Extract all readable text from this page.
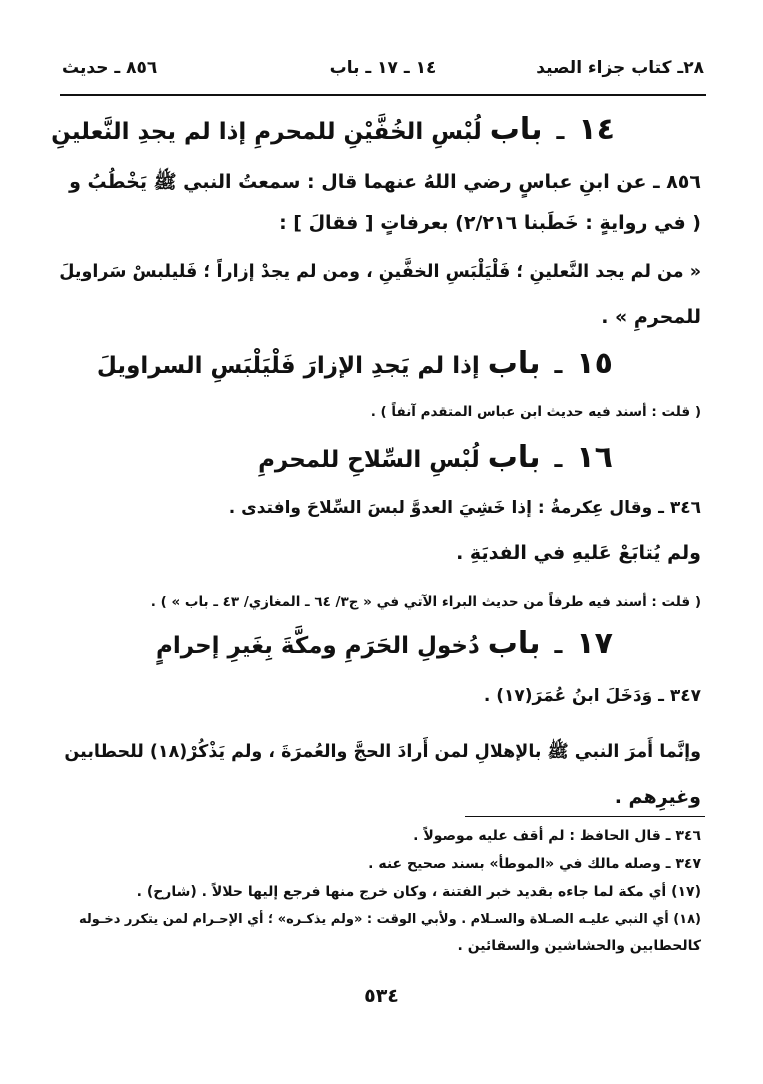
٢٨ـ كتاب جزاء الصيد
١٤ ـ ١٧ ـ باب
٨٥٦ ـ حديث
١٤ ـ باب لُبْسِ الخُفَّيْنِ للمحرمِ إذا لم يجدِ النَّعلينِ
٨٥٦ ـ عن ابنِ عباسٍ رضي اللهُ عنهما قال : سمعتُ النبي ﷺ يَخْطُبُ و
( في روايةٍ : خَطَبنا ٢/٢١٦) بعرفاتٍ [ فقالَ ] :
« من لم يجد النَّعلينِ ؛ فَلْيَلْبَسِ الخفَّينِ ، ومن لم يجدْ إزاراً ؛ فَليلبسْ سَراويلَ
للمحرمِ » .
١٥ ـ باب إذا لم يَجدِ الإزارَ فَلْيَلْبَسِ السراويلَ
( قلت : أسند فيه حديث ابن عباس المتقدم آنفاً ) .
١٦ ـ باب لُبْسِ السِّلاحِ للمحرمِ
٣٤٦ ـ وقال عِكرمةُ : إذا خَشِيَ العدوَّ لبسَ السِّلاحَ وافتدى .
ولم يُتابَعْ عَليهِ في الفديَةِ .
( قلت : أسند فيه طرفاً من حديث البراء الآتي في « ج٣/ ٦٤ ـ المغازي/ ٤٣ ـ باب » ) .
١٧ ـ باب دُخولِ الحَرَمِ ومكَّةَ بِغَيرِ إحرامٍ
٣٤٧ ـ وَدَخَلَ ابنُ عُمَرَ(١٧) .
وإنَّما أَمرَ النبي ﷺ بالإهلالِ لمن أَرادَ الحجَّ والعُمرَةَ ، ولم يَذْكُرْ(١٨) للحطابين
وغيرِهم .
٣٤٦ ـ قال الحافظ : لم أقف عليه موصولاً .
٣٤٧ ـ وصله مالك في «الموطأ» بسند صحيح عنه .
(١٧) أي مكة لما جاءه بقديد خبر الفتنة ، وكان خرج منها فرجع إليها حلالاً . (شارح) .
(١٨) أي النبي عليـه الصـلاة والسـلام . ولأبي الوقت : «ولم يذكـره» ؛ أي الإحـرام لمن يتكرر دخـوله
كالحطابين والحشاشين والسقائين .
٥٣٤
